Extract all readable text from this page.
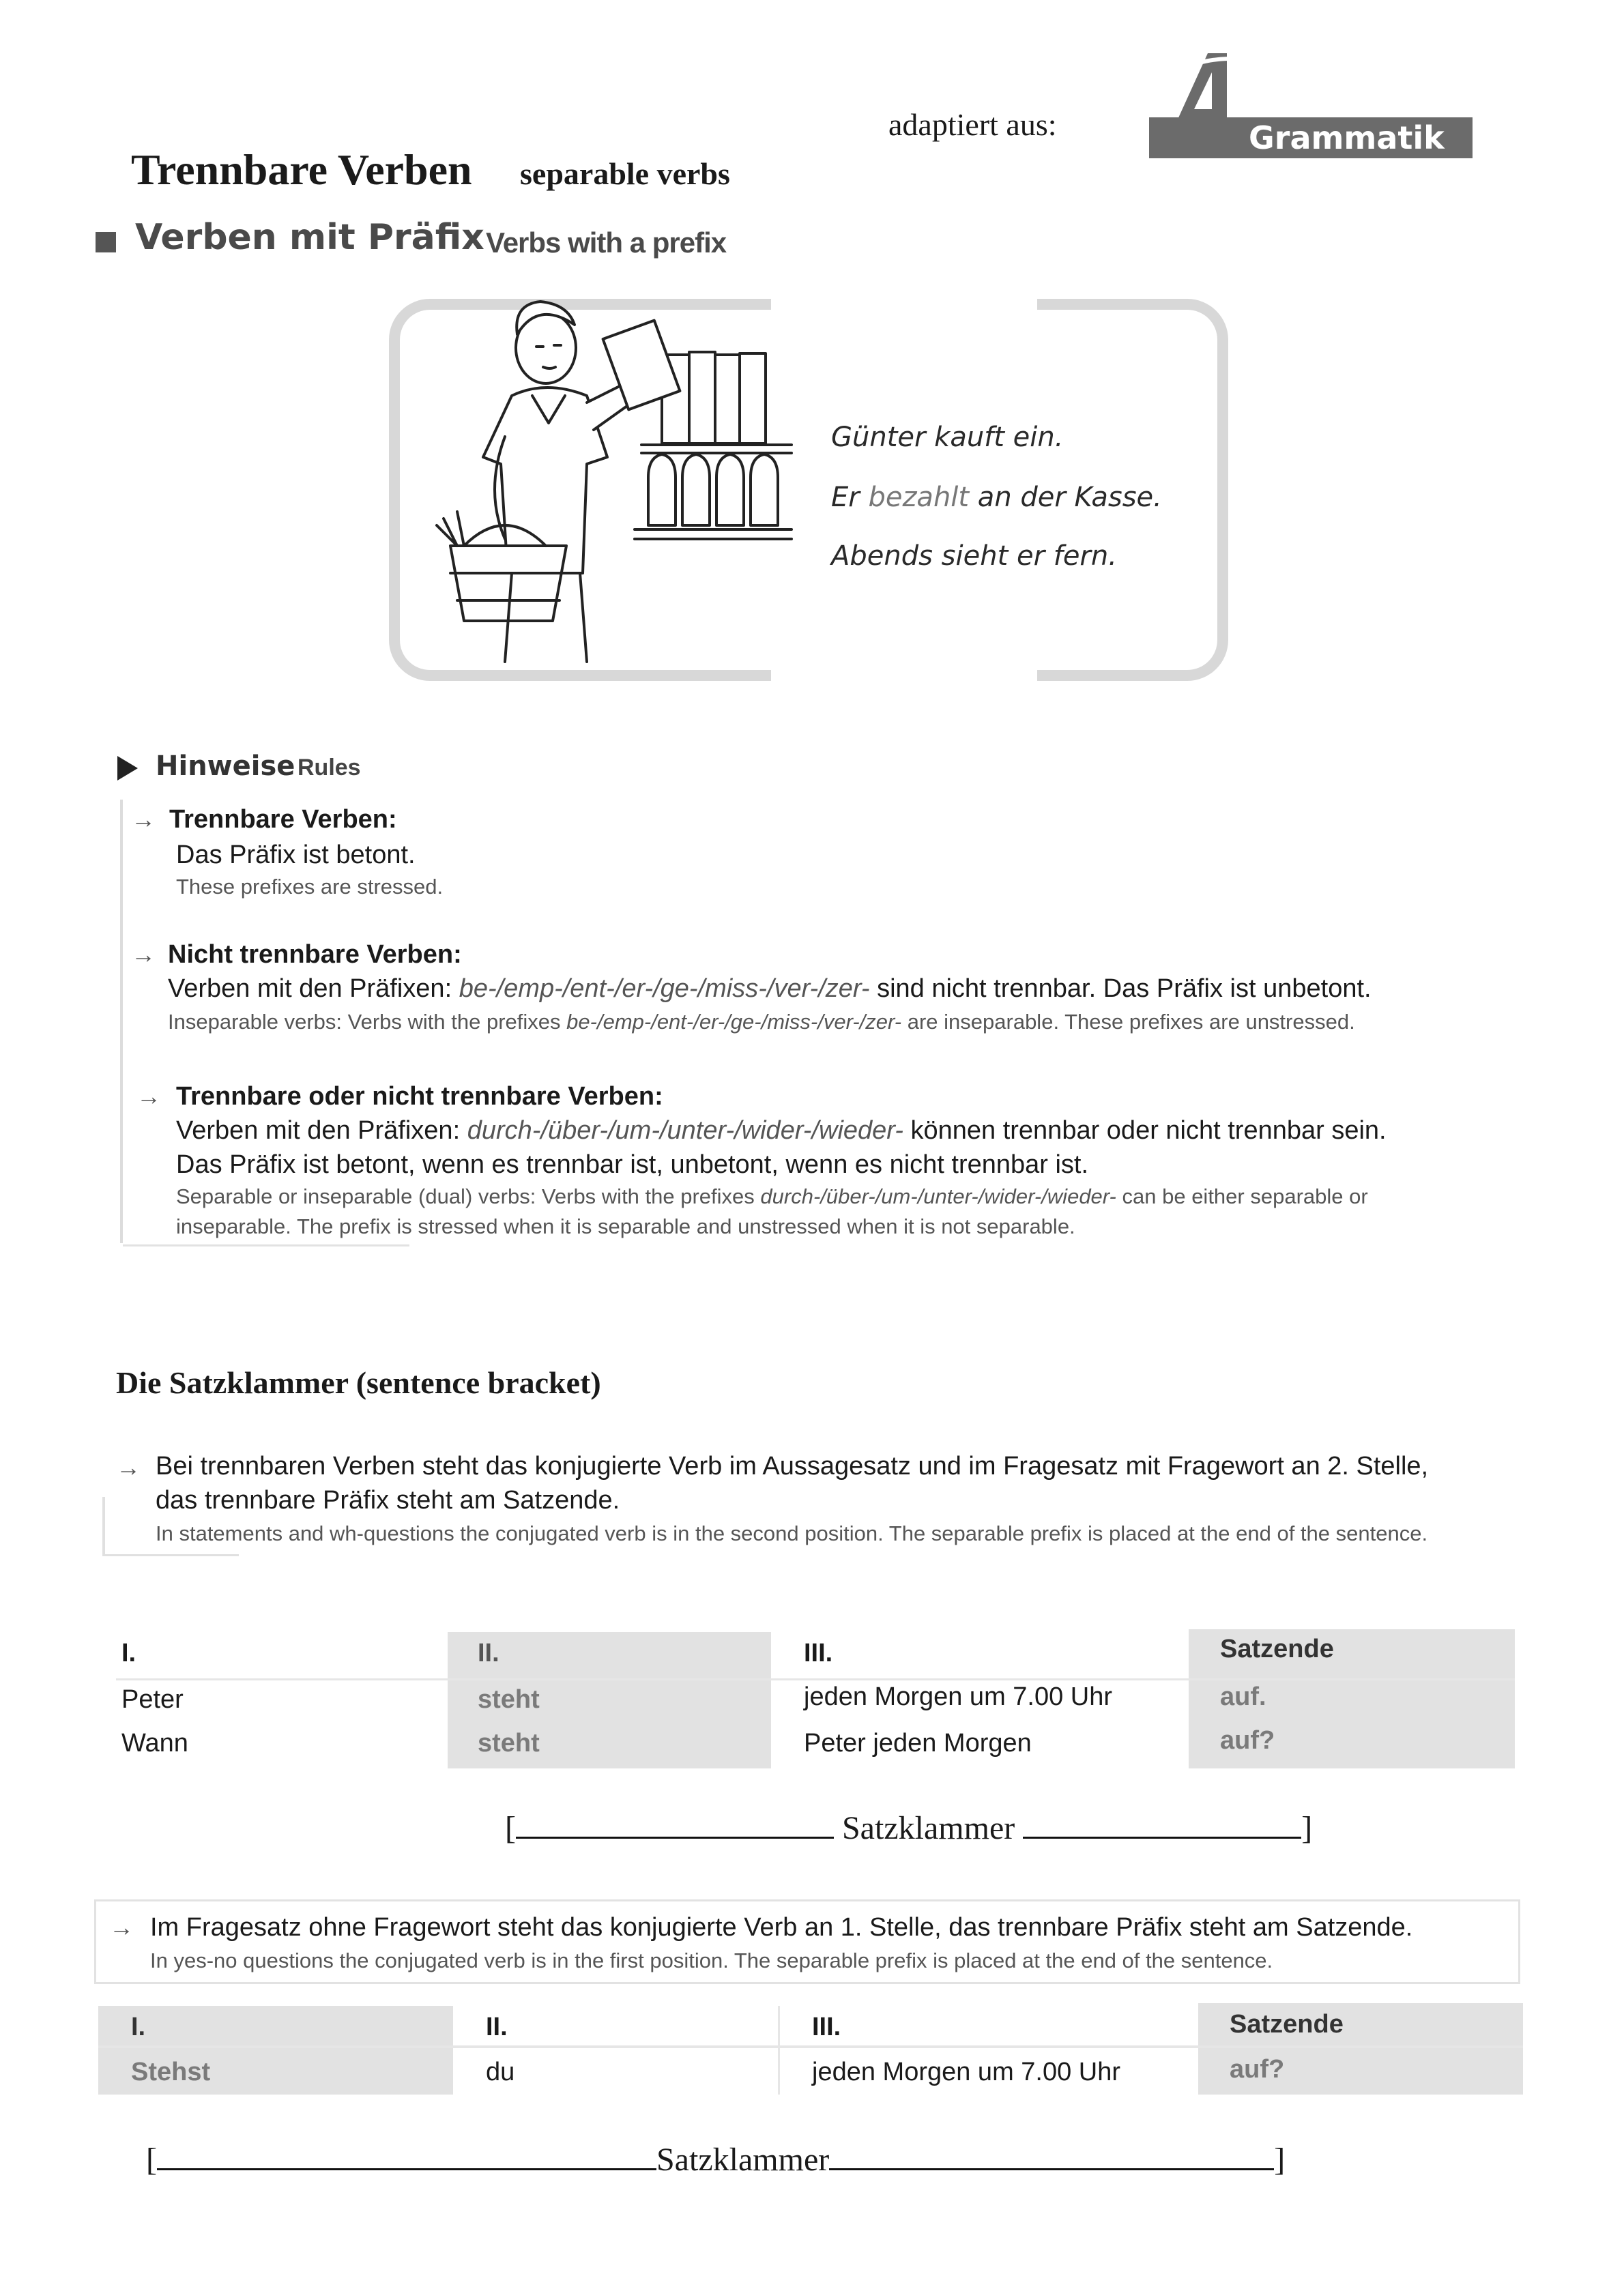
adaptiert aus:	Grammatik
Trennbare Verben separable verbs
Verben mit Präfix Verbs with a prefix
Günter kauft ein.
Er bezahlt an der Kasse.
Abends sieht er fern.
Hinweise Rules
→ Trennbare Verben:
Das Präfix ist betont.
These prefixes are stressed.
→ Nicht trennbare Verben:
Verben mit den Präfixen: be-/emp-/ent-/er-/ge-/miss-/ver-/zer- sind nicht trennbar. Das Präfix ist unbetont.
Inseparable verbs: Verbs with the prefixes be-/emp-/ent-/er-/ge-/miss-/ver-/zer- are inseparable. These prefixes are unstressed.
→ Trennbare oder nicht trennbare Verben:
Verben mit den Präfixen: durch-/über-/um-/unter-/wider-/wieder- können trennbar oder nicht trennbar sein.
Das Präfix ist betont, wenn es trennbar ist, unbetont, wenn es nicht trennbar ist.
Separable or inseparable (dual) verbs: Verbs with the prefixes durch-/über-/um-/unter-/wider-/wieder- can be either separable or
inseparable. The prefix is stressed when it is separable and unstressed when it is not separable.
Die Satzklammer (sentence bracket)
→ Bei trennbaren Verben steht das konjugierte Verb im Aussagesatz und im Fragesatz mit Fragewort an 2. Stelle,
das trennbare Präfix steht am Satzende.
In statements and wh-questions the conjugated verb is in the second position. The separable prefix is placed at the end of the sentence.
I.	II.	III.	Satzende
Peter	steht	jeden Morgen um 7.00 Uhr	auf.
Wann	steht	Peter jeden Morgen	auf?
[	Satzklammer	]
→ Im Fragesatz ohne Fragewort steht das konjugierte Verb an 1. Stelle, das trennbare Präfix steht am Satzende.
In yes-no questions the conjugated verb is in the first position. The separable prefix is placed at the end of the sentence.
I.	II.	III.	Satzende
Stehst	du	jeden Morgen um 7.00 Uhr	auf?
[	Satzklammer	]
